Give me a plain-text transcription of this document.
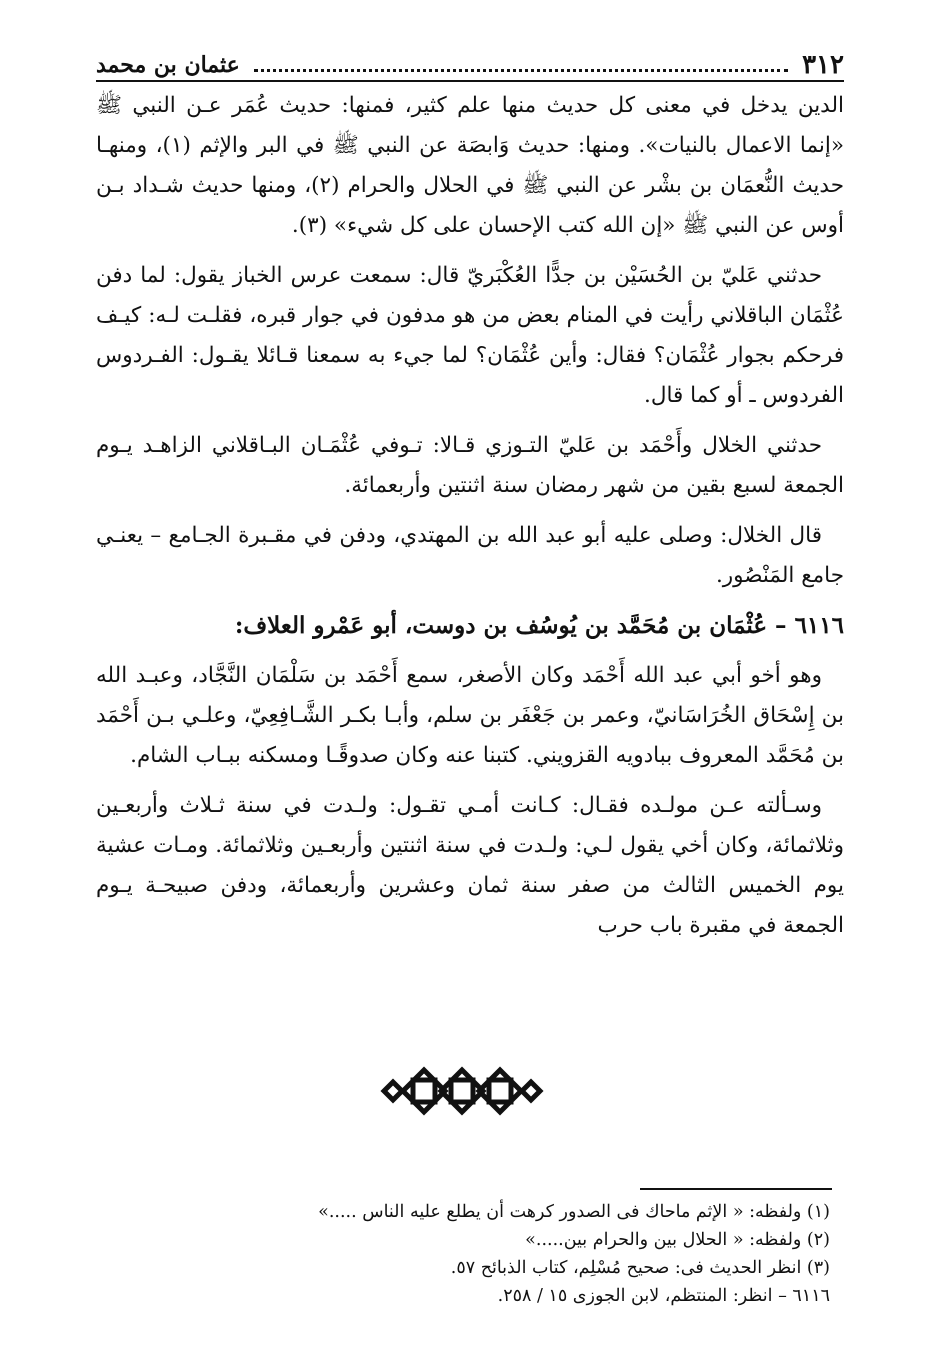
٣١٢
عثمان بن محمد

الدين يدخل في معنى كل حديث منها علم كثير، فمنها: حديث عُمَر عـن النبي ﷺ «إنما الاعمال بالنيات». ومنها: حديث وَابصَة عن النبي ﷺ في البر والإثم (١)، ومنهـا حديث النُّعمَان بن بشْر عن النبي ﷺ في الحلال والحرام (٢)، ومنها حديث شـداد بـن أوس عن النبي ﷺ «إن الله كتب الإحسان على كل شيء» (٣).

حدثني عَليّ بن الحُسَيْن بن جدًّا العُكْبَريّ قال: سمعت عرس الخباز يقول: لما دفن عُثْمَان الباقلاني رأيت في المنام بعض من هو مدفون في جوار قبره، فقلـت لـه: كيـف فرحكم بجوار عُثْمَان؟ فقال: وأين عُثْمَان؟ لما جيء به سمعنا قـائلا يقـول: الفـردوس الفردوس ـ أو كما قال.

حدثني الخلال وأَحْمَد بن عَليّ التـوزي قـالا: تـوفي عُثْمَـان البـاقلاني الزاهـد يـوم الجمعة لسبع بقين من شهر رمضان سنة اثنتين وأربعمائة.

قال الخلال: وصلى عليه أبو عبد الله بن المهتدي، ودفن في مقـبرة الجـامع – يعنـي جامع المَنْصُور.

٦١١٦ – عُثْمَان بن مُحَمَّد بن يُوسُف بن دوست، أبو عَمْرو العلاف:

وهو أخو أبي عبد الله أَحْمَد وكان الأصغر، سمع أَحْمَد بن سَلْمَان النَّجَّاد، وعبـد الله بن إِسْحَاق الخُرَاسَانيّ، وعمر بن جَعْفَر بن سلم، وأبـا بكـر الشَّـافِعِيّ، وعلـي بـن أَحْمَد بن مُحَمَّد المعروف ببادويه القزويني. كتبنا عنه وكان صدوقًـا ومسكنه ببـاب الشام.

وسـألته عـن مولـده فقـال: كـانت أمـي تقـول: ولـدت في سنة ثـلاث وأربعـين وثلاثمائة، وكان أخي يقول لـي: ولـدت في سنة اثنتين وأربعـين وثلاثمائة. ومـات عشية يوم الخميس الثالث من صفر سنة ثمان وعشرين وأربعمائة، ودفن صبيحـة يـوم الجمعة في مقبرة باب حرب

(١) ولفظه: « الإثم ماحاك فى الصدور كرهت أن يطلع عليه الناس .....»
(٢) ولفظه: « الحلال بين والحرام بين.....»
(٣) انظر الحديث فى: صحيح مُسْلِم، كتاب الذبائح ٥٧.
٦١١٦ – انظر: المنتظم، لابن الجوزى ١٥ / ٢٥٨.
